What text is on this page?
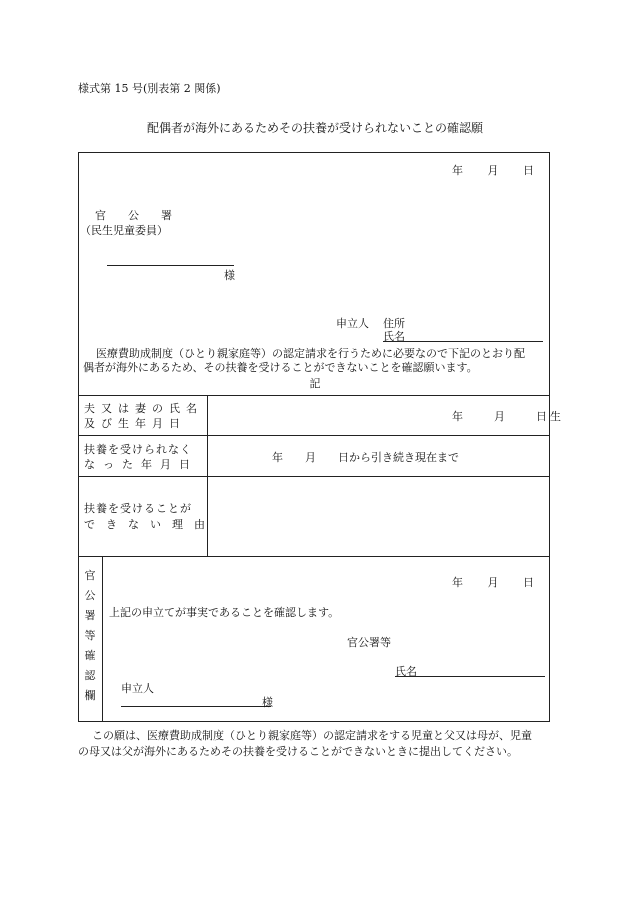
様式第 15 号(別表第 2 関係)
配偶者が海外にあるためその扶養が受けられないことの確認願
年 月 日
官　　公　　署
（民生児童委員）
様
申立人 住所
氏名
医療費助成制度（ひとり親家庭等）の認定請求を行うために必要なので下記のとおり配
偶者が海外にあるため、その扶養を受けることができないことを確認願います。
記
夫又は妻の氏名
及び生年月日
年　　月　　日生
扶養を受けられなく
なった年月日
年　　月　　日から引き続き現在まで
扶養を受けることが
できない理由
官
公
署
等
確
認
欄
年 月 日
上記の申立てが事実であることを確認します。
官公署等
氏名
申立人
様
この願は、医療費助成制度（ひとり親家庭等）の認定請求をする児童と父又は母が、児童
の母又は父が海外にあるためその扶養を受けることができないときに提出してください。
